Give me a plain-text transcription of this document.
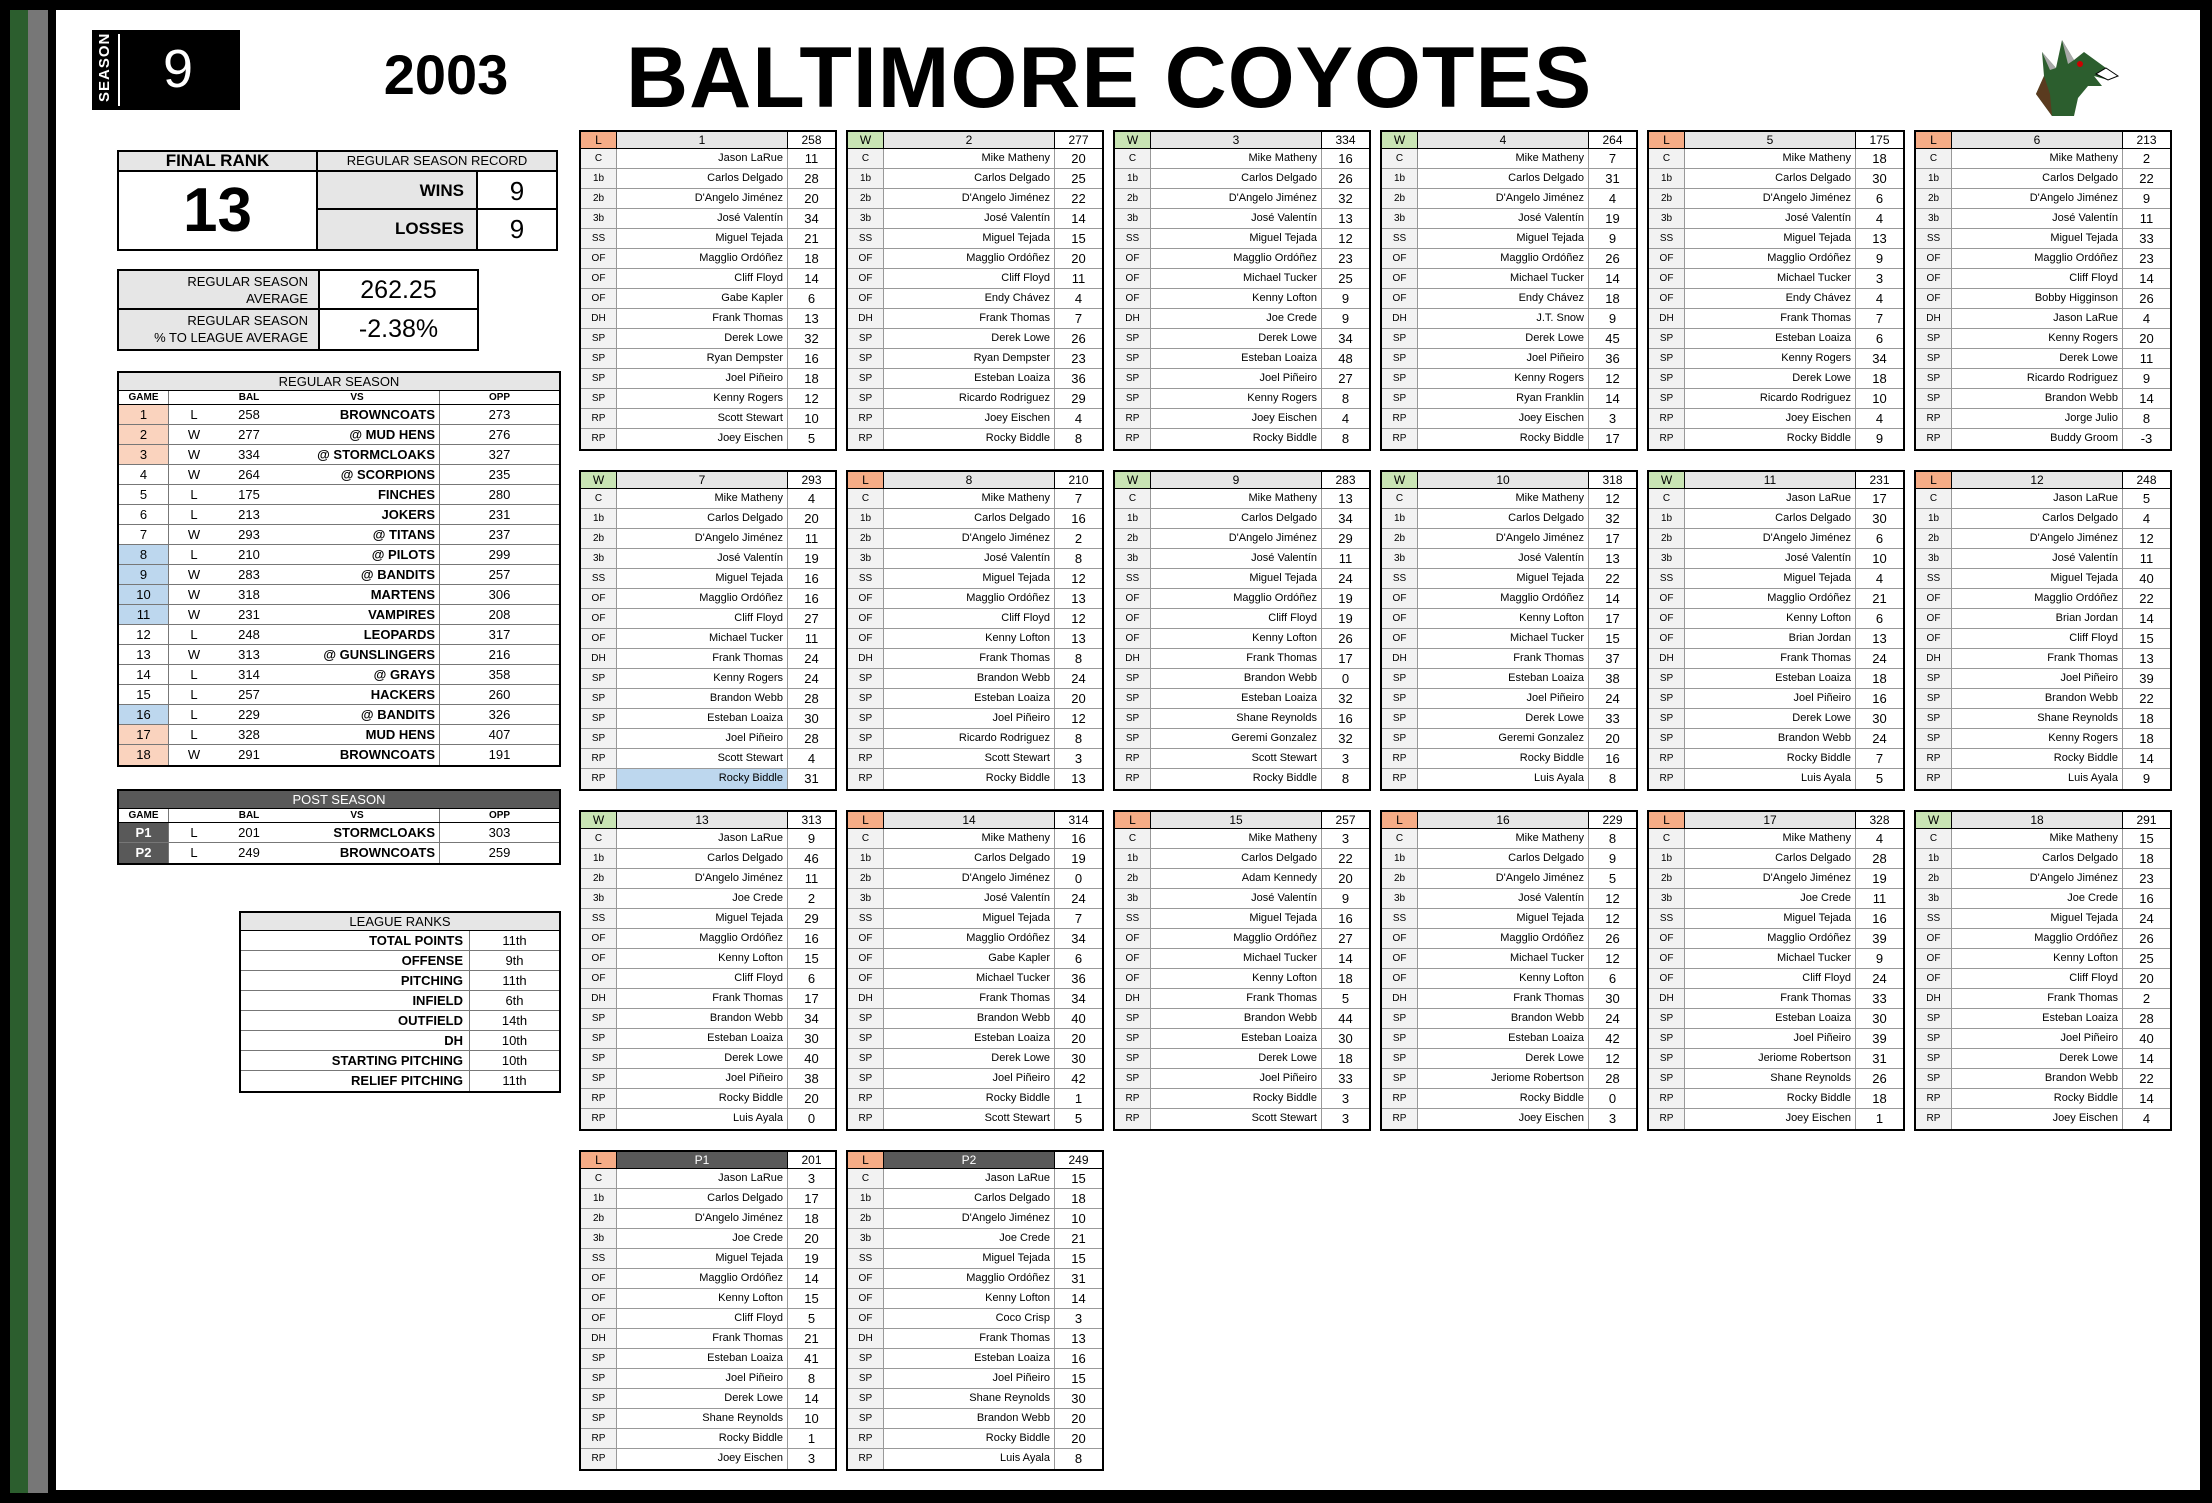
SEASON 9	2003 BALTIMORE COYOTES
FINAL RANK
13
REGULAR SEASON RECORD
WINS	9
LOSSES	9
REGULAR SEASON
AVERAGE	262.25
REGULAR SEASON
% TO LEAGUE AVERAGE	-2.38%
REGULAR SEASON
GAME	BAL	VS	OPP
1	L	258	BROWNCOATS	273
2	W	277	@ MUD HENS	276
3	W	334	@ STORMCLOAKS	327
4	W	264	@ SCORPIONS	235
5	L	175	FINCHES	280
6	L	213	JOKERS	231
7	W	293	@ TITANS	237
8	L	210	@ PILOTS	299
9	W	283	@ BANDITS	257
10	W	318	MARTENS	306
11	W	231	VAMPIRES	208
12	L	248	LEOPARDS	317
13	W	313	@ GUNSLINGERS	216
14	L	314	@ GRAYS	358
15	L	257	HACKERS	260
16	L	229	@ BANDITS	326
17	L	328	MUD HENS	407
18	W	291	BROWNCOATS	191
POST SEASON
GAME	BAL	VS	OPP
P1	L	201	STORMCLOAKS	303
P2	L	249	BROWNCOATS	259
LEAGUE RANKS
TOTAL POINTS	11th
OFFENSE	9th
PITCHING	11th
INFIELD	6th
OUTFIELD	14th
DH	10th
STARTING PITCHING	10th
RELIEF PITCHING	11th
L	1	258
C	Jason LaRue	11
1b	Carlos Delgado	28
2b	D'Angelo Jiménez	20
3b	José Valentín	34
SS	Miguel Tejada	21
OF	Magglio Ordóñez	18
OF	Cliff Floyd	14
OF	Gabe Kapler	6
DH	Frank Thomas	13
SP	Derek Lowe	32
SP	Ryan Dempster	16
SP	Joel Piñeiro	18
SP	Kenny Rogers	12
RP	Scott Stewart	10
RP	Joey Eischen	5
W	2	277
C	Mike Matheny	20
1b	Carlos Delgado	25
2b	D'Angelo Jiménez	22
3b	José Valentín	14
SS	Miguel Tejada	15
OF	Magglio Ordóñez	20
OF	Cliff Floyd	11
OF	Endy Chávez	4
DH	Frank Thomas	7
SP	Derek Lowe	26
SP	Ryan Dempster	23
SP	Esteban Loaiza	36
SP	Ricardo Rodriguez	29
RP	Joey Eischen	4
RP	Rocky Biddle	8
W	3	334
C	Mike Matheny	16
1b	Carlos Delgado	26
2b	D'Angelo Jiménez	32
3b	José Valentín	13
SS	Miguel Tejada	12
OF	Magglio Ordóñez	23
OF	Michael Tucker	25
OF	Kenny Lofton	9
DH	Joe Crede	9
SP	Derek Lowe	34
SP	Esteban Loaiza	48
SP	Joel Piñeiro	27
SP	Kenny Rogers	8
RP	Joey Eischen	4
RP	Rocky Biddle	8
W	4	264
C	Mike Matheny	7
1b	Carlos Delgado	31
2b	D'Angelo Jiménez	4
3b	José Valentín	19
SS	Miguel Tejada	9
OF	Magglio Ordóñez	26
OF	Michael Tucker	14
OF	Endy Chávez	18
DH	J.T. Snow	9
SP	Derek Lowe	45
SP	Joel Piñeiro	36
SP	Kenny Rogers	12
SP	Ryan Franklin	14
RP	Joey Eischen	3
RP	Rocky Biddle	17
L	5	175
C	Mike Matheny	18
1b	Carlos Delgado	30
2b	D'Angelo Jiménez	6
3b	José Valentín	4
SS	Miguel Tejada	13
OF	Magglio Ordóñez	9
OF	Michael Tucker	3
OF	Endy Chávez	4
DH	Frank Thomas	7
SP	Esteban Loaiza	6
SP	Kenny Rogers	34
SP	Derek Lowe	18
SP	Ricardo Rodriguez	10
RP	Joey Eischen	4
RP	Rocky Biddle	9
L	6	213
C	Mike Matheny	2
1b	Carlos Delgado	22
2b	D'Angelo Jiménez	9
3b	José Valentín	11
SS	Miguel Tejada	33
OF	Magglio Ordóñez	23
OF	Cliff Floyd	14
OF	Bobby Higginson	26
DH	Jason LaRue	4
SP	Kenny Rogers	20
SP	Derek Lowe	11
SP	Ricardo Rodriguez	9
SP	Brandon Webb	14
RP	Jorge Julio	8
RP	Buddy Groom	-3
W	7	293
C	Mike Matheny	4
1b	Carlos Delgado	20
2b	D'Angelo Jiménez	11
3b	José Valentín	19
SS	Miguel Tejada	16
OF	Magglio Ordóñez	16
OF	Cliff Floyd	27
OF	Michael Tucker	11
DH	Frank Thomas	24
SP	Kenny Rogers	24
SP	Brandon Webb	28
SP	Esteban Loaiza	30
SP	Joel Piñeiro	28
RP	Scott Stewart	4
RP	Rocky Biddle	31
L	8	210
C	Mike Matheny	7
1b	Carlos Delgado	16
2b	D'Angelo Jiménez	2
3b	José Valentín	8
SS	Miguel Tejada	12
OF	Magglio Ordóñez	13
OF	Cliff Floyd	12
OF	Kenny Lofton	13
DH	Frank Thomas	8
SP	Brandon Webb	24
SP	Esteban Loaiza	20
SP	Joel Piñeiro	12
SP	Ricardo Rodriguez	8
RP	Scott Stewart	3
RP	Rocky Biddle	13
W	9	283
C	Mike Matheny	13
1b	Carlos Delgado	34
2b	D'Angelo Jiménez	29
3b	José Valentín	11
SS	Miguel Tejada	24
OF	Magglio Ordóñez	19
OF	Cliff Floyd	19
OF	Kenny Lofton	26
DH	Frank Thomas	17
SP	Brandon Webb	0
SP	Esteban Loaiza	32
SP	Shane Reynolds	16
SP	Geremi Gonzalez	32
RP	Scott Stewart	3
RP	Rocky Biddle	8
W	10	318
C	Mike Matheny	12
1b	Carlos Delgado	32
2b	D'Angelo Jiménez	17
3b	José Valentín	13
SS	Miguel Tejada	22
OF	Magglio Ordóñez	14
OF	Kenny Lofton	17
OF	Michael Tucker	15
DH	Frank Thomas	37
SP	Esteban Loaiza	38
SP	Joel Piñeiro	24
SP	Derek Lowe	33
SP	Geremi Gonzalez	20
RP	Rocky Biddle	16
RP	Luis Ayala	8
W	11	231
C	Jason LaRue	17
1b	Carlos Delgado	30
2b	D'Angelo Jiménez	6
3b	José Valentín	10
SS	Miguel Tejada	4
OF	Magglio Ordóñez	21
OF	Kenny Lofton	6
OF	Brian Jordan	13
DH	Frank Thomas	24
SP	Esteban Loaiza	18
SP	Joel Piñeiro	16
SP	Derek Lowe	30
SP	Brandon Webb	24
RP	Rocky Biddle	7
RP	Luis Ayala	5
L	12	248
C	Jason LaRue	5
1b	Carlos Delgado	4
2b	D'Angelo Jiménez	12
3b	José Valentín	11
SS	Miguel Tejada	40
OF	Magglio Ordóñez	22
OF	Brian Jordan	14
OF	Cliff Floyd	15
DH	Frank Thomas	13
SP	Joel Piñeiro	39
SP	Brandon Webb	22
SP	Shane Reynolds	18
SP	Kenny Rogers	18
RP	Rocky Biddle	14
RP	Luis Ayala	9
W	13	313
C	Jason LaRue	9
1b	Carlos Delgado	46
2b	D'Angelo Jiménez	11
3b	Joe Crede	2
SS	Miguel Tejada	29
OF	Magglio Ordóñez	16
OF	Kenny Lofton	15
OF	Cliff Floyd	6
DH	Frank Thomas	17
SP	Brandon Webb	34
SP	Esteban Loaiza	30
SP	Derek Lowe	40
SP	Joel Piñeiro	38
RP	Rocky Biddle	20
RP	Luis Ayala	0
L	14	314
C	Mike Matheny	16
1b	Carlos Delgado	19
2b	D'Angelo Jiménez	0
3b	José Valentín	24
SS	Miguel Tejada	7
OF	Magglio Ordóñez	34
OF	Gabe Kapler	6
OF	Michael Tucker	36
DH	Frank Thomas	34
SP	Brandon Webb	40
SP	Esteban Loaiza	20
SP	Derek Lowe	30
SP	Joel Piñeiro	42
RP	Rocky Biddle	1
RP	Scott Stewart	5
L	15	257
C	Mike Matheny	3
1b	Carlos Delgado	22
2b	Adam Kennedy	20
3b	José Valentín	9
SS	Miguel Tejada	16
OF	Magglio Ordóñez	27
OF	Michael Tucker	14
OF	Kenny Lofton	18
DH	Frank Thomas	5
SP	Brandon Webb	44
SP	Esteban Loaiza	30
SP	Derek Lowe	18
SP	Joel Piñeiro	33
RP	Rocky Biddle	3
RP	Scott Stewart	3
L	16	229
C	Mike Matheny	8
1b	Carlos Delgado	9
2b	D'Angelo Jiménez	5
3b	José Valentín	12
SS	Miguel Tejada	12
OF	Magglio Ordóñez	26
OF	Michael Tucker	12
OF	Kenny Lofton	6
DH	Frank Thomas	30
SP	Brandon Webb	24
SP	Esteban Loaiza	42
SP	Derek Lowe	12
SP	Jeriome Robertson	28
RP	Rocky Biddle	0
RP	Joey Eischen	3
L	17	328
C	Mike Matheny	4
1b	Carlos Delgado	28
2b	D'Angelo Jiménez	19
3b	Joe Crede	11
SS	Miguel Tejada	16
OF	Magglio Ordóñez	39
OF	Michael Tucker	9
OF	Cliff Floyd	24
DH	Frank Thomas	33
SP	Esteban Loaiza	30
SP	Joel Piñeiro	39
SP	Jeriome Robertson	31
SP	Shane Reynolds	26
RP	Rocky Biddle	18
RP	Joey Eischen	1
W	18	291
C	Mike Matheny	15
1b	Carlos Delgado	18
2b	D'Angelo Jiménez	23
3b	Joe Crede	16
SS	Miguel Tejada	24
OF	Magglio Ordóñez	26
OF	Kenny Lofton	25
OF	Cliff Floyd	20
DH	Frank Thomas	2
SP	Esteban Loaiza	28
SP	Joel Piñeiro	40
SP	Derek Lowe	14
SP	Brandon Webb	22
RP	Rocky Biddle	14
RP	Joey Eischen	4
L	P1	201
C	Jason LaRue	3
1b	Carlos Delgado	17
2b	D'Angelo Jiménez	18
3b	Joe Crede	20
SS	Miguel Tejada	19
OF	Magglio Ordóñez	14
OF	Kenny Lofton	15
OF	Cliff Floyd	5
DH	Frank Thomas	21
SP	Esteban Loaiza	41
SP	Joel Piñeiro	8
SP	Derek Lowe	14
SP	Shane Reynolds	10
RP	Rocky Biddle	1
RP	Joey Eischen	3
L	P2	249
C	Jason LaRue	15
1b	Carlos Delgado	18
2b	D'Angelo Jiménez	10
3b	Joe Crede	21
SS	Miguel Tejada	15
OF	Magglio Ordóñez	31
OF	Kenny Lofton	14
OF	Coco Crisp	3
DH	Frank Thomas	13
SP	Esteban Loaiza	16
SP	Joel Piñeiro	15
SP	Shane Reynolds	30
SP	Brandon Webb	20
RP	Rocky Biddle	20
RP	Luis Ayala	8
